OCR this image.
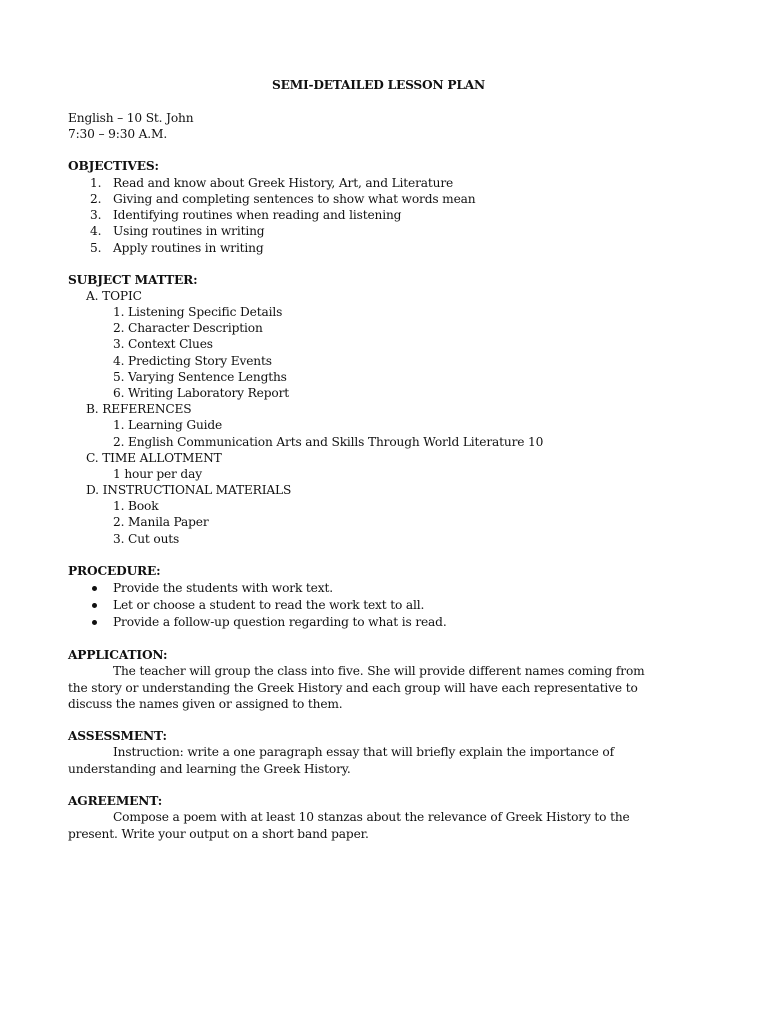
SEMI-DETAILED LESSON PLAN
English – 10 St. John
7:30 – 9:30 A.M.
OBJECTIVES:
1. Read and know about Greek History, Art, and Literature
2. Giving and completing sentences to show what words mean
3. Identifying routines when reading and listening
4. Using routines in writing
5. Apply routines in writing
SUBJECT MATTER:
A. TOPIC
1. Listening Specific Details
2. Character Description
3. Context Clues
4. Predicting Story Events
5. Varying Sentence Lengths
6. Writing Laboratory Report
B. REFERENCES
1. Learning Guide
2. English Communication Arts and Skills Through World Literature 10
C. TIME ALLOTMENT
1 hour per day
D. INSTRUCTIONAL MATERIALS
1. Book
2. Manila Paper
3. Cut outs
PROCEDURE:
Provide the students with work text.
Let or choose a student to read the work text to all.
Provide a follow-up question regarding to what is read.
APPLICATION:
The teacher will group the class into five. She will provide different names coming from
the story or understanding the Greek History and each group will have each representative to
discuss the names given or assigned to them.
ASSESSMENT:
Instruction: write a one paragraph essay that will briefly explain the importance of
understanding and learning the Greek History.
AGREEMENT:
Compose a poem with at least 10 stanzas about the relevance of Greek History to the
present. Write your output on a short band paper.
